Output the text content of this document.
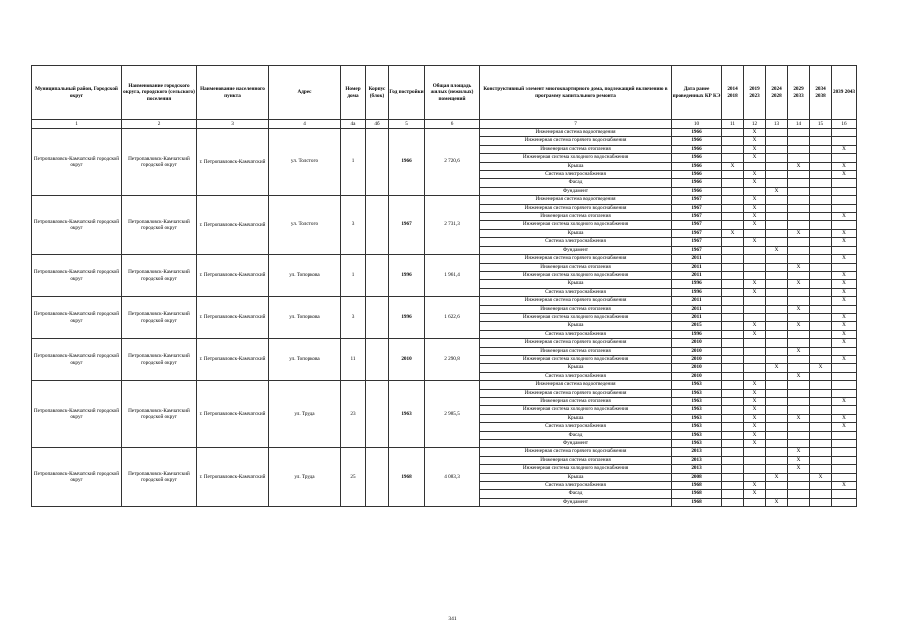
Муниципальный район, Городской округ	Наименование городского округа, городского (сельского) поселения	Наименование населенного пункта	Адрес	Номер дома	Корпус (блок)	Год постройки	Общая площадь жилых (нежилых) помещений	Конструктивный элемент многоквартирного дома, подлежащий включению в программу капитального ремонта	Дата ранее проведенных КР КЭ	2014 2018	2019 2023	2024 2028	2029 2033	2034 2038	2039 2043
1	2	3	4	4а	4б	5	6	7	10	11	12	13	14	15	16
Петропавловск-Камчатский городской округ	Петропавловск-Камчатский городской округ	г. Петропавловск-Камчатский	ул. Толстого	1		1966	2 720,6	Инженерная система водоотведения	1966		X				
								Инженерная система горячего водоснабжения	1966		X				
								Инженерная система отопления	1966		X				X
								Инженерная система холодного водоснабжения	1966		X				
								Крыша	1966	X			X		X
								Система электроснабжения	1966		X				X
								Фасад	1966		X				
								Фундамент	1966			X			
Петропавловск-Камчатский городской округ	Петропавловск-Камчатский городской округ	г. Петропавловск-Камчатский	ул. Толстого	3		1967	2 731,3	Инженерная система водоотведения	1967		X				
								Инженерная система горячего водоснабжения	1967		X				
								Инженерная система отопления	1967		X				X
								Инженерная система холодного водоснабжения	1967		X				
								Крыша	1967	X			X		X
								Система электроснабжения	1967		X				X
								Фундамент	1967			X			
Петропавловск-Камчатский городской округ	Петропавловск-Камчатский городской округ	г. Петропавловск-Камчатский	ул. Топоркова	1		1996	1 961,4	Инженерная система горячего водоснабжения	2011						X
								Инженерная система отопления	2011				X		
								Инженерная система холодного водоснабжения	2011						X
								Крыша	1996		X		X		X
								Система электроснабжения	1996		X				X
Петропавловск-Камчатский городской округ	Петропавловск-Камчатский городской округ	г. Петропавловск-Камчатский	ул. Топоркова	3		1996	1 622,6	Инженерная система горячего водоснабжения	2011						X
								Инженерная система отопления	2011				X		
								Инженерная система холодного водоснабжения	2011						X
								Крыша	2015		X		X		X
								Система электроснабжения	1996		X				X
Петропавловск-Камчатский городской округ	Петропавловск-Камчатский городской округ	г. Петропавловск-Камчатский	ул. Топоркова	11		2010	2 290,8	Инженерная система горячего водоснабжения	2010						X
								Инженерная система отопления	2010				X		
								Инженерная система холодного водоснабжения	2010						X
								Крыша	2010			X		X	
								Система электроснабжения	2010				X		
Петропавловск-Камчатский городской округ	Петропавловск-Камчатский городской округ	г. Петропавловск-Камчатский	ул. Труда	23		1963	2 985,5	Инженерная система водоотведения	1963		X				
								Инженерная система горячего водоснабжения	1963		X				
								Инженерная система отопления	1963		X				X
								Инженерная система холодного водоснабжения	1963		X				
								Крыша	1963		X		X		X
								Система электроснабжения	1963		X				X
								Фасад	1963		X				
								Фундамент	1963		X				
Петропавловск-Камчатский городской округ	Петропавловск-Камчатский городской округ	г. Петропавловск-Камчатский	ул. Труда	25		1968	4 083,3	Инженерная система горячего водоснабжения	2013				X		
								Инженерная система отопления	2013				X		
								Инженерная система холодного водоснабжения	2013				X		
								Крыша	2008			X		X	
								Система электроснабжения	1968		X				X
								Фасад	1968		X				
								Фундамент	1968			X			
341
